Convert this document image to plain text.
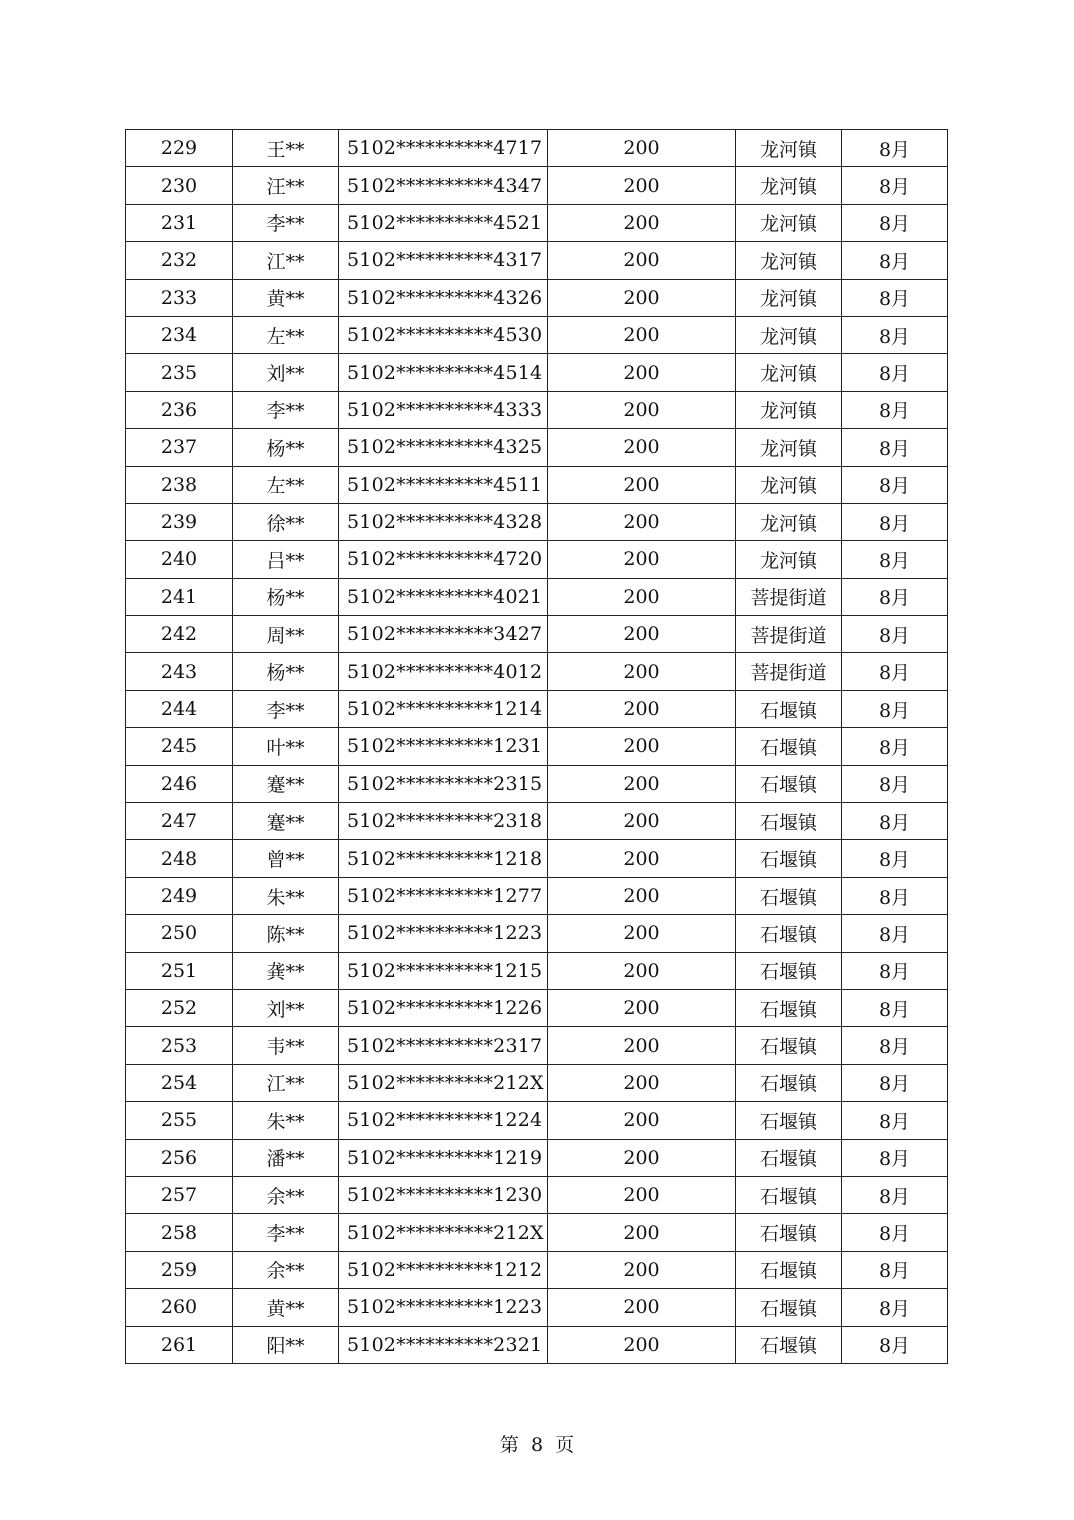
229	王**	5102**********4717	200	龙河镇	8月
230	汪**	5102**********4347	200	龙河镇	8月
231	李**	5102**********4521	200	龙河镇	8月
232	江**	5102**********4317	200	龙河镇	8月
233	黄**	5102**********4326	200	龙河镇	8月
234	左**	5102**********4530	200	龙河镇	8月
235	刘**	5102**********4514	200	龙河镇	8月
236	李**	5102**********4333	200	龙河镇	8月
237	杨**	5102**********4325	200	龙河镇	8月
238	左**	5102**********4511	200	龙河镇	8月
239	徐**	5102**********4328	200	龙河镇	8月
240	吕**	5102**********4720	200	龙河镇	8月
241	杨**	5102**********4021	200	菩提街道	8月
242	周**	5102**********3427	200	菩提街道	8月
243	杨**	5102**********4012	200	菩提街道	8月
244	李**	5102**********1214	200	石堰镇	8月
245	叶**	5102**********1231	200	石堰镇	8月
246	蹇**	5102**********2315	200	石堰镇	8月
247	蹇**	5102**********2318	200	石堰镇	8月
248	曾**	5102**********1218	200	石堰镇	8月
249	朱**	5102**********1277	200	石堰镇	8月
250	陈**	5102**********1223	200	石堰镇	8月
251	龚**	5102**********1215	200	石堰镇	8月
252	刘**	5102**********1226	200	石堰镇	8月
253	韦**	5102**********2317	200	石堰镇	8月
254	江**	5102**********212X	200	石堰镇	8月
255	朱**	5102**********1224	200	石堰镇	8月
256	潘**	5102**********1219	200	石堰镇	8月
257	余**	5102**********1230	200	石堰镇	8月
258	李**	5102**********212X	200	石堰镇	8月
259	余**	5102**********1212	200	石堰镇	8月
260	黄**	5102**********1223	200	石堰镇	8月
261	阳**	5102**********2321	200	石堰镇	8月
第 8 页
